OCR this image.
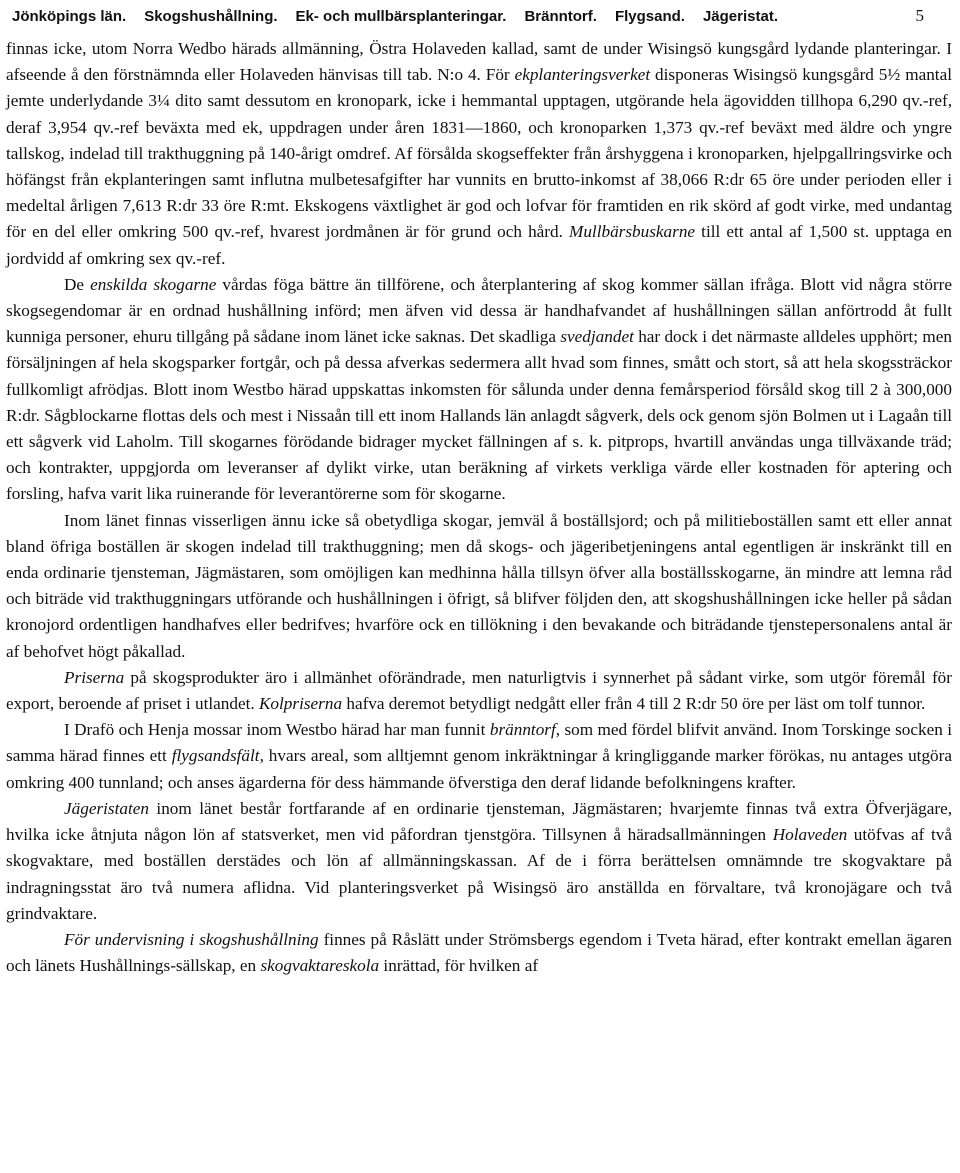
Jönköpings län. Skogshushållning. Ek- och mullbärsplanteringar. Bränntorf. Flygsand. Jägeristat.	5

finnas icke, utom Norra Wedbo härads allmänning, Östra Holaveden kallad, samt de under Wisingsö kungsgård lydande planteringar. I afseende å den förstnämnda eller Holaveden hänvisas till tab. N:o 4. För ekplanteringsverket disponeras Wisingsö kungsgård 5½ mantal jemte underlydande 3¼ dito samt dessutom en kronopark, icke i hemmantal upptagen, utgörande hela ägovidden tillhopa 6,290 qv.-ref, deraf 3,954 qv.-ref beväxta med ek, uppdragen under åren 1831—1860, och kronoparken 1,373 qv.-ref beväxt med äldre och yngre tallskog, indelad till trakthuggning på 140-årigt omdref. Af försålda skogseffekter från årshyggena i kronoparken, hjelpgallringsvirke och höfängst från ekplanteringen samt influtna mulbetesafgifter har vunnits en brutto-inkomst af 38,066 R:dr 65 öre under perioden eller i medeltal årligen 7,613 R:dr 33 öre R:mt. Ekskogens växtlighet är god och lofvar för framtiden en rik skörd af godt virke, med undantag för en del eller omkring 500 qv.-ref, hvarest jordmånen är för grund och hård. Mullbärsbuskarne till ett antal af 1,500 st. upptaga en jordvidd af omkring sex qv.-ref.

De enskilda skogarne vårdas föga bättre än tillförene, och återplantering af skog kommer sällan ifråga. Blott vid några större skogsegendomar är en ordnad hushållning införd; men äfven vid dessa är handhafvandet af hushållningen sällan anförtrodd åt fullt kunniga personer, ehuru tillgång på sådane inom länet icke saknas. Det skadliga svedjandet har dock i det närmaste alldeles upphört; men försäljningen af hela skogsparker fortgår, och på dessa afverkas sedermera allt hvad som finnes, smått och stort, så att hela skogssträckor fullkomligt afrödjas. Blott inom Westbo härad uppskattas inkomsten för sålunda under denna femårsperiod försåld skog till 2 à 300,000 R:dr. Sågblockarne flottas dels och mest i Nissaån till ett inom Hallands län anlagdt sågverk, dels ock genom sjön Bolmen ut i Lagaån till ett sågverk vid Laholm. Till skogarnes förödande bidrager mycket fällningen af s. k. pitprops, hvartill användas unga tillväxande träd; och kontrakter, uppgjorda om leveranser af dylikt virke, utan beräkning af virkets verkliga värde eller kostnaden för aptering och forsling, hafva varit lika ruinerande för leverantörerne som för skogarne.

Inom länet finnas visserligen ännu icke så obetydliga skogar, jemväl å boställsjord; och på militieboställen samt ett eller annat bland öfriga boställen är skogen indelad till trakthuggning; men då skogs- och jägeribetjeningens antal egentligen är inskränkt till en enda ordinarie tjensteman, Jägmästaren, som omöjligen kan medhinna hålla tillsyn öfver alla boställsskogarne, än mindre att lemna råd och biträde vid trakthuggningars utförande och hushållningen i öfrigt, så blifver följden den, att skogshushållningen icke heller på sådan kronojord ordentligen handhafves eller bedrifves; hvarföre ock en tillökning i den bevakande och biträdande tjenstepersonalens antal är af behofvet högt påkallad.

Priserna på skogsprodukter äro i allmänhet oförändrade, men naturligtvis i synnerhet på sådant virke, som utgör föremål för export, beroende af priset i utlandet. Kolpriserna hafva deremot betydligt nedgått eller från 4 till 2 R:dr 50 öre per läst om tolf tunnor.

I Drafö och Henja mossar inom Westbo härad har man funnit bränntorf, som med fördel blifvit använd. Inom Torskinge socken i samma härad finnes ett flygsandsfält, hvars areal, som alltjemnt genom inkräktningar å kringliggande marker förökas, nu antages utgöra omkring 400 tunnland; och anses ägarderna för dess hämmande öfverstiga den deraf lidande befolkningens krafter.

Jägeristaten inom länet består fortfarande af en ordinarie tjensteman, Jägmästaren; hvarjemte finnas två extra Öfverjägare, hvilka icke åtnjuta någon lön af statsverket, men vid påfordran tjenstgöra. Tillsynen å häradsallmänningen Holaveden utöfvas af två skogvaktare, med boställen derstädes och lön af allmänningskassan. Af de i förra berättelsen omnämnde tre skogvaktare på indragningsstat äro två numera aflidna. Vid planteringsverket på Wisingsö äro anställda en förvaltare, två kronojägare och två grindvaktare.

För undervisning i skogshushållning finnes på Råslätt under Strömsbergs egendom i Tveta härad, efter kontrakt emellan ägaren och länets Hushållnings-sällskap, en skogvaktareskola inrättad, för hvilken af
